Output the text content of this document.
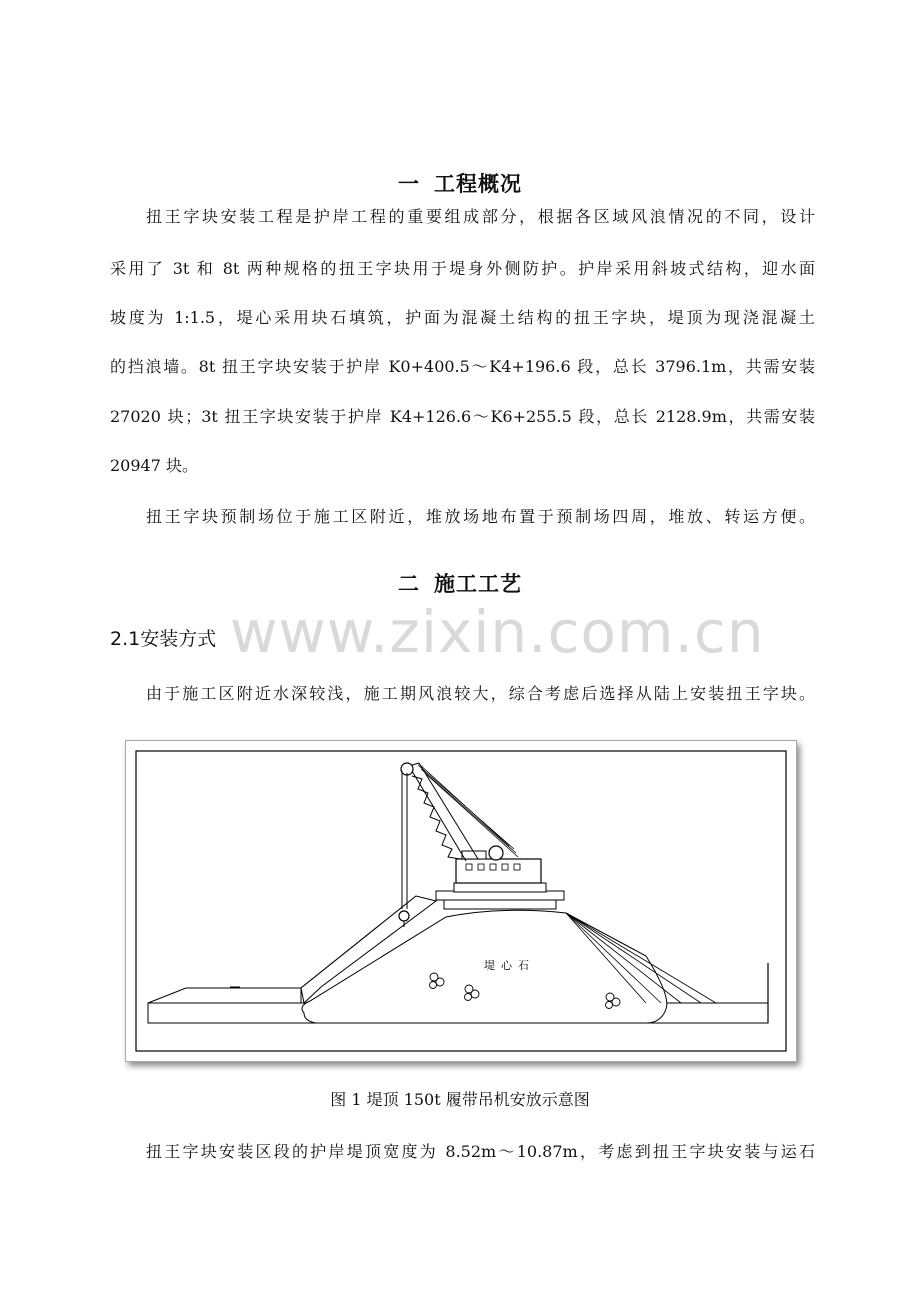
一 工程概况
扭王字块安装工程是护岸工程的重要组成部分，根据各区域风浪情况的不同，设计
采用了 3t 和 8t 两种规格的扭王字块用于堤身外侧防护。护岸采用斜坡式结构，迎水面
坡度为 1:1.5，堤心采用块石填筑，护面为混凝土结构的扭王字块，堤顶为现浇混凝土
的挡浪墙。8t 扭王字块安装于护岸 K0+400.5～K4+196.6 段，总长 3796.1m，共需安装
27020 块；3t 扭王字块安装于护岸 K4+126.6～K6+255.5 段，总长 2128.9m，共需安装
20947 块。
扭王字块预制场位于施工区附近，堆放场地布置于预制场四周，堆放、转运方便。
二 施工工艺
www.zixin.com.cn
2.1安装方式
由于施工区附近水深较浅，施工期风浪较大，综合考虑后选择从陆上安装扭王字块。
堤心石
图 1 堤顶 150t 履带吊机安放示意图
扭王字块安装区段的护岸堤顶宽度为 8.52m～10.87m，考虑到扭王字块安装与运石
